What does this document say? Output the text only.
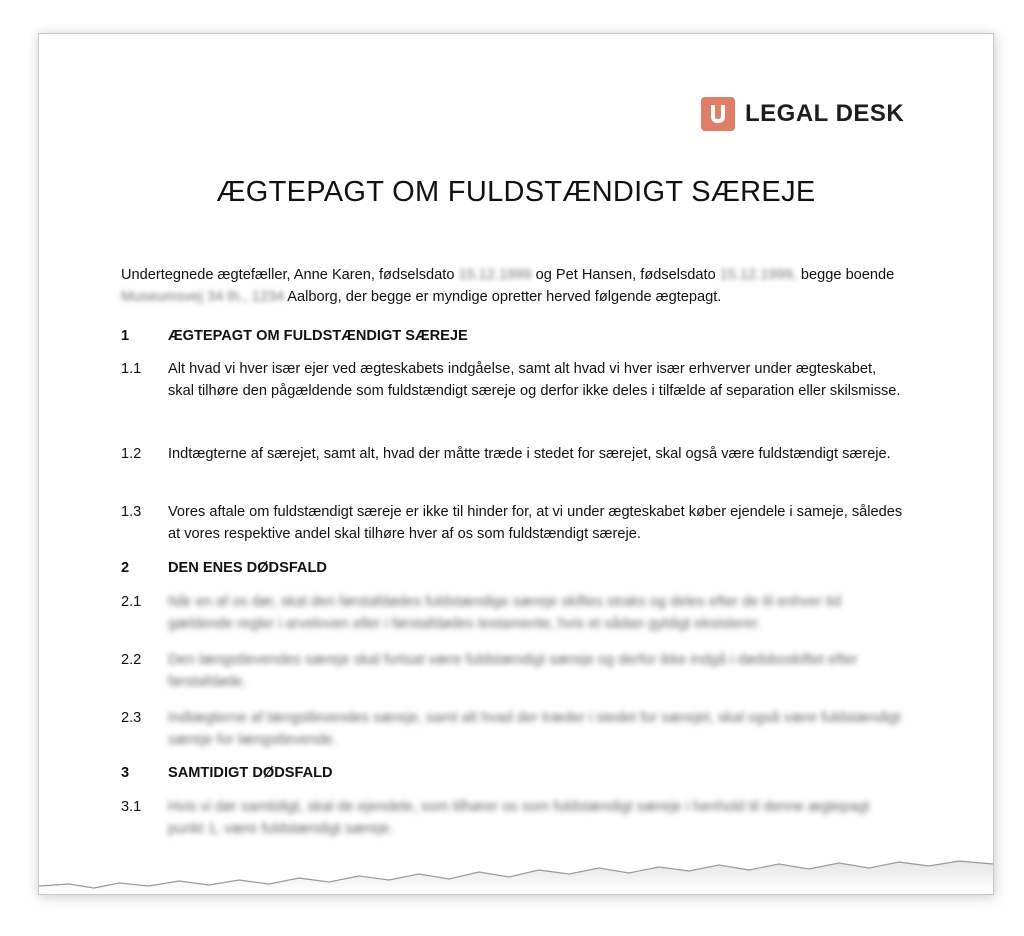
LEGAL DESK
ÆGTEPAGT OM FULDSTÆNDIGT SÆREJE
Undertegnede ægtefæller, Anne Karen, fødselsdato 15.12.1999 og Pet Hansen, fødselsdato 15.12.1999, begge boende Museumsvej 34 th., 1234 Aalborg, der begge er myndige opretter herved følgende ægtepagt.
1	ÆGTEPAGT OM FULDSTÆNDIGT SÆREJE
1.1	Alt hvad vi hver især ejer ved ægteskabets indgåelse, samt alt hvad vi hver især erhverver under ægteskabet, skal tilhøre den pågældende som fuldstændigt særeje og derfor ikke deles i tilfælde af separation eller skilsmisse.
1.2	Indtægterne af særejet, samt alt, hvad der måtte træde i stedet for særejet, skal også være fuldstændigt særeje.
1.3	Vores aftale om fuldstændigt særeje er ikke til hinder for, at vi under ægteskabet køber ejendele i sameje, således at vores respektive andel skal tilhøre hver af os som fuldstændigt særeje.
2	DEN ENES DØDSFALD
2.1	Når en af os dør, skal den førstafdødes fuldstændige særeje skiftes straks og deles efter de til enhver tid gældende regler i arveloven eller i førstafdødes testamente, hvis et sådan gyldigt eksisterer.
2.2	Den længstlevendes særeje skal fortsat være fuldstændigt særeje og derfor ikke indgå i dødsboskiftet efter førstafdøde.
2.3	Indtægterne af længstlevendes særeje, samt alt hvad der træder i stedet for særejet, skal også være fuldstændigt særeje for længstlevende.
3	SAMTIDIGT DØDSFALD
3.1	Hvis vi dør samtidigt, skal de ejendele, som tilhører os som fuldstændigt særeje i henhold til denne ægtepagt punkt 1, være fuldstændigt særeje.
